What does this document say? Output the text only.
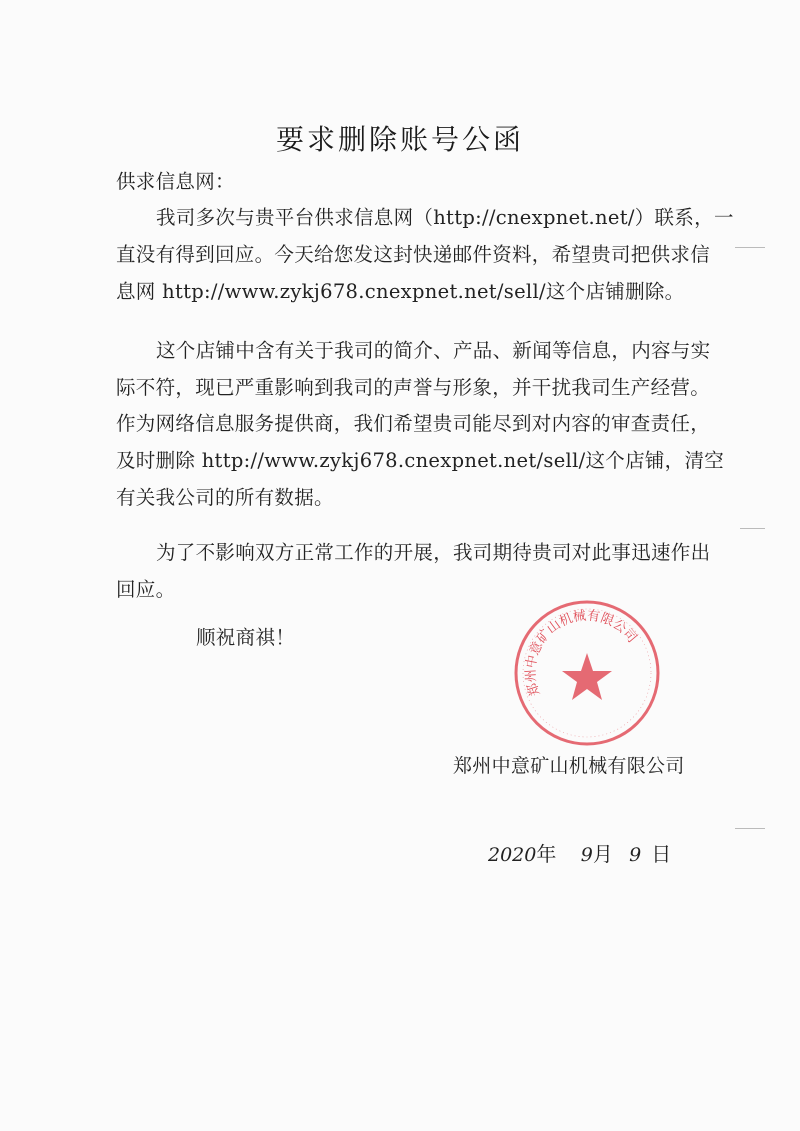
要求删除账号公函
供求信息网：
我司多次与贵平台供求信息网（http://cnexpnet.net/）联系，一
直没有得到回应。今天给您发这封快递邮件资料，希望贵司把供求信
息网 http://www.zykj678.cnexpnet.net/sell/这个店铺删除。
这个店铺中含有关于我司的简介、产品、新闻等信息，内容与实
际不符，现已严重影响到我司的声誉与形象，并干扰我司生产经营。
作为网络信息服务提供商，我们希望贵司能尽到对内容的审查责任，
及时删除 http://www.zykj678.cnexpnet.net/sell/这个店铺，清空
有关我公司的所有数据。
为了不影响双方正常工作的开展，我司期待贵司对此事迅速作出
回应。
顺祝商祺！
郑州中意矿山机械有限公司
郑州中意矿山机械有限公司
2020年 9月 9 日
